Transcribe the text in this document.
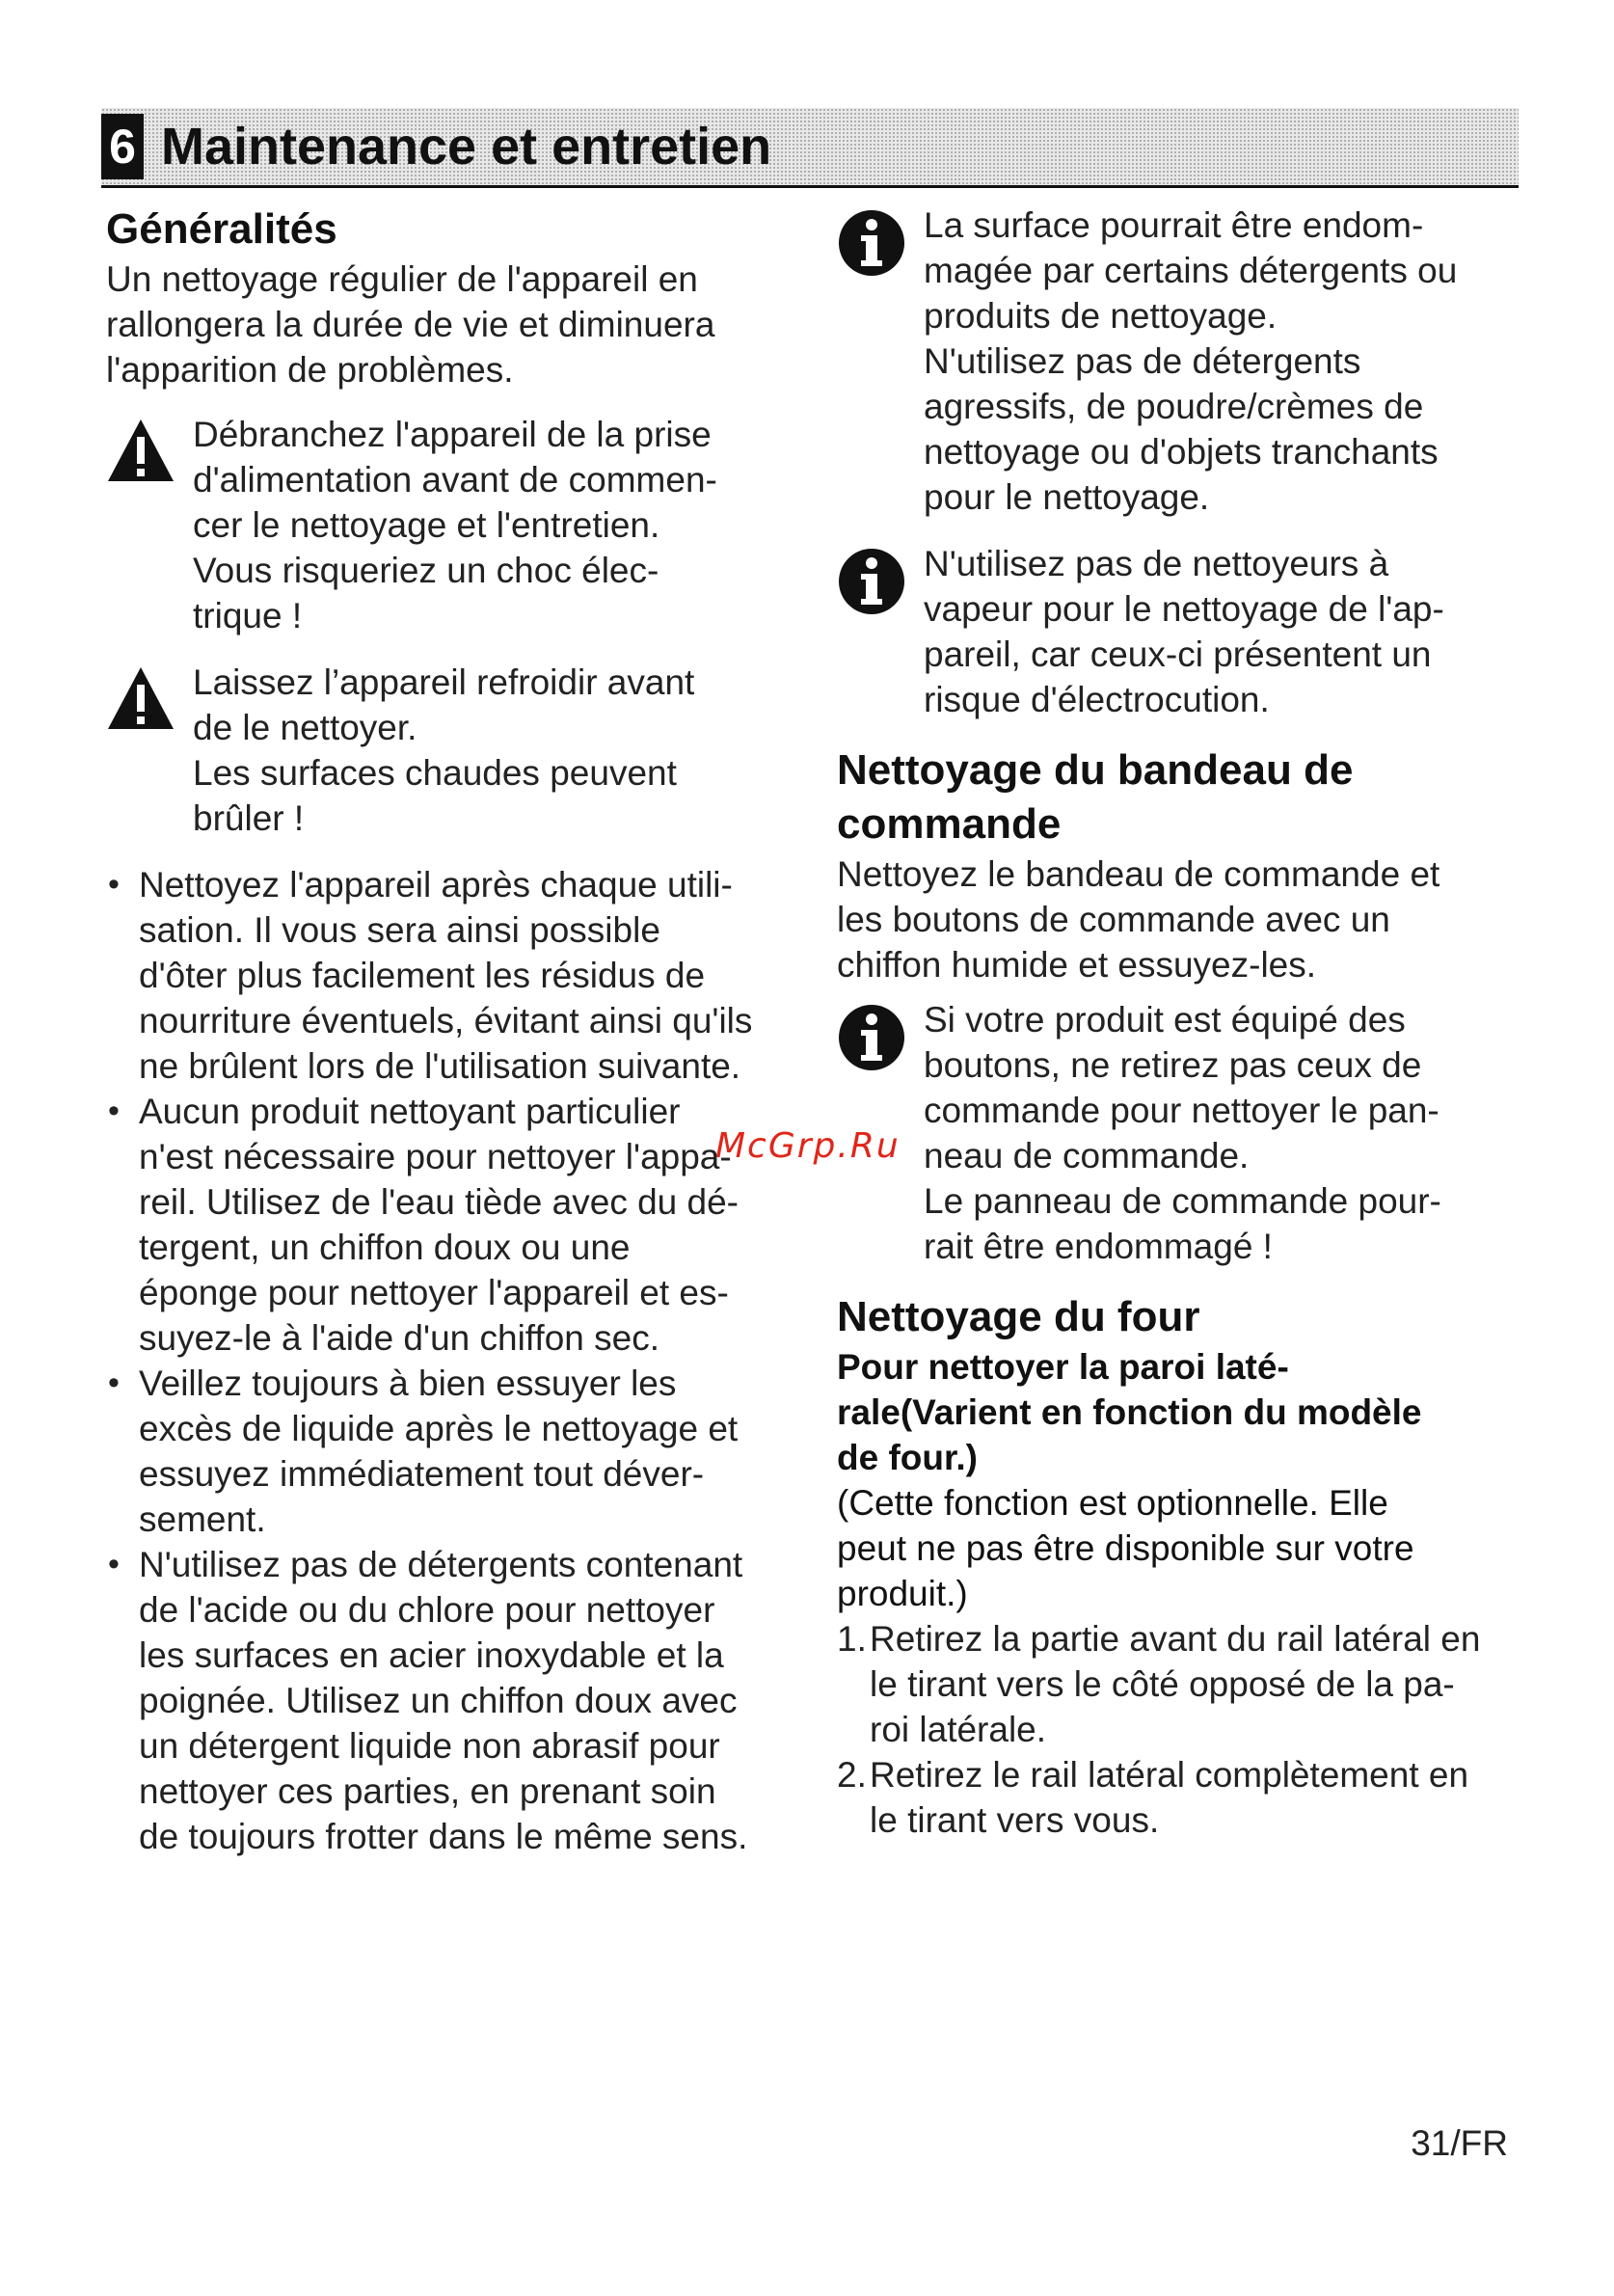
6 Maintenance et entretien
Généralités
Un nettoyage régulier de l'appareil en
rallongera la durée de vie et diminuera
l'apparition de problèmes.
Débranchez l'appareil de la prise
d'alimentation avant de commen-
cer le nettoyage et l'entretien.
Vous risqueriez un choc élec-
trique !
Laissez l’appareil refroidir avant
de le nettoyer.
Les surfaces chaudes peuvent
brûler !
• Nettoyez l'appareil après chaque utili-
sation. Il vous sera ainsi possible
d'ôter plus facilement les résidus de
nourriture éventuels, évitant ainsi qu'ils
ne brûlent lors de l'utilisation suivante.
• Aucun produit nettoyant particulier
n'est nécessaire pour nettoyer l'appa-
reil. Utilisez de l'eau tiède avec du dé-
tergent, un chiffon doux ou une
éponge pour nettoyer l'appareil et es-
suyez-le à l'aide d'un chiffon sec.
• Veillez toujours à bien essuyer les
excès de liquide après le nettoyage et
essuyez immédiatement tout déver-
sement.
• N'utilisez pas de détergents contenant
de l'acide ou du chlore pour nettoyer
les surfaces en acier inoxydable et la
poignée. Utilisez un chiffon doux avec
un détergent liquide non abrasif pour
nettoyer ces parties, en prenant soin
de toujours frotter dans le même sens.
La surface pourrait être endom-
magée par certains détergents ou
produits de nettoyage.
N'utilisez pas de détergents
agressifs, de poudre/crèmes de
nettoyage ou d'objets tranchants
pour le nettoyage.
N'utilisez pas de nettoyeurs à
vapeur pour le nettoyage de l'ap-
pareil, car ceux-ci présentent un
risque d'électrocution.
Nettoyage du bandeau de
commande
Nettoyez le bandeau de commande et
les boutons de commande avec un
chiffon humide et essuyez-les.
Si votre produit est équipé des
boutons, ne retirez pas ceux de
commande pour nettoyer le pan-
neau de commande.
Le panneau de commande pour-
rait être endommagé !
Nettoyage du four
Pour nettoyer la paroi laté-
rale(Varient en fonction du modèle
de four.)
(Cette fonction est optionnelle. Elle
peut ne pas être disponible sur votre
produit.)
1. Retirez la partie avant du rail latéral en
le tirant vers le côté opposé de la pa-
roi latérale.
2. Retirez le rail latéral complètement en
le tirant vers vous.
McGrp.Ru
31/FR
